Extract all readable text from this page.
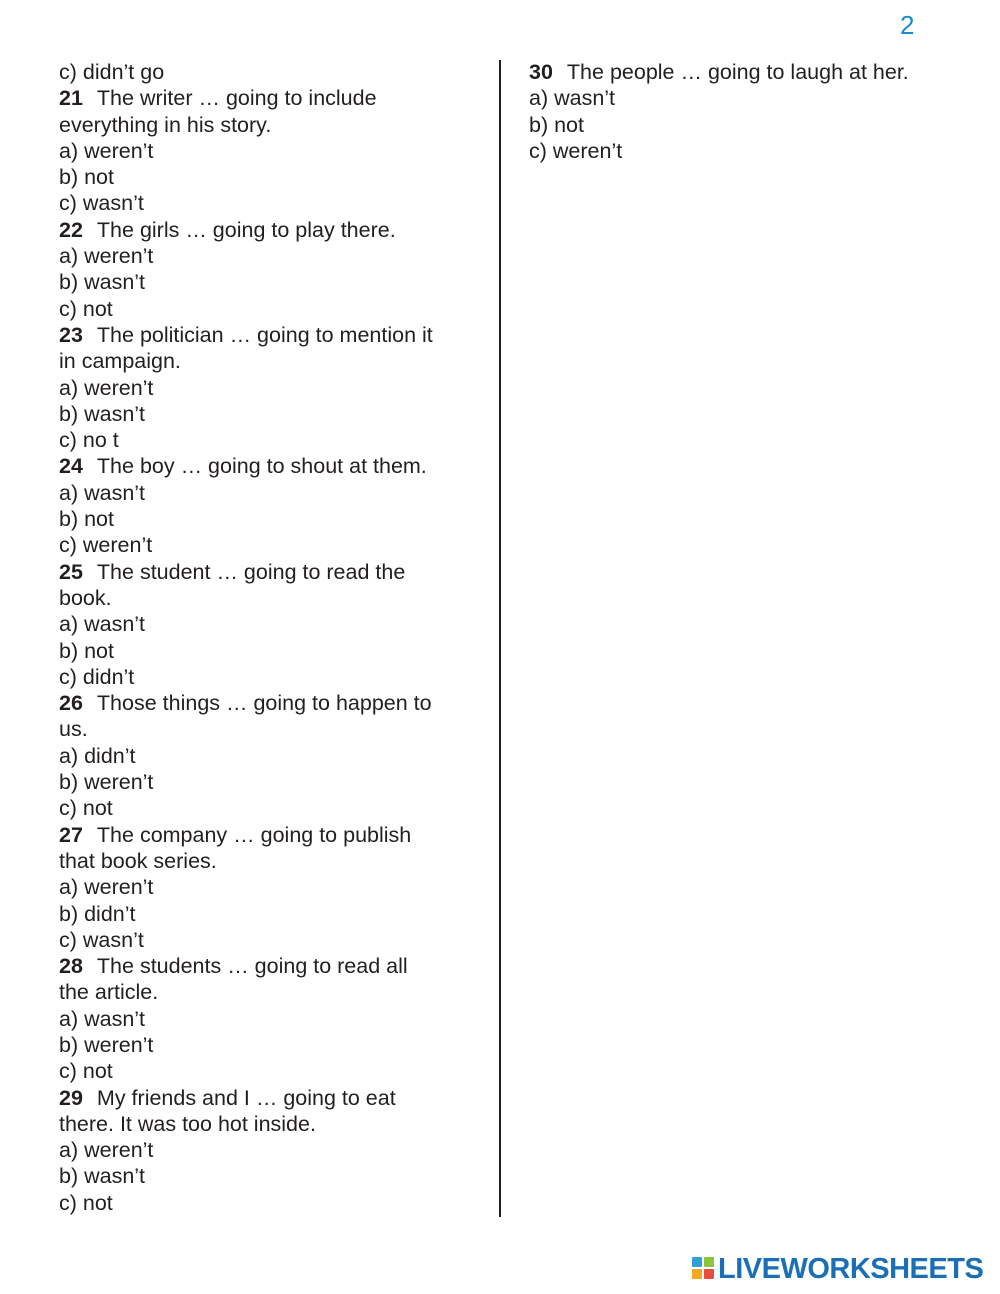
2
c) didn’t go
21 The writer … going to include
everything in his story.
a) weren’t
b) not
c) wasn’t
22 The girls … going to play there.
a) weren’t
b) wasn’t
c) not
23 The politician … going to mention it
in campaign.
a) weren’t
b) wasn’t
c) no t
24 The boy … going to shout at them.
a) wasn’t
b) not
c) weren’t
25 The student … going to read the
book.
a) wasn’t
b) not
c) didn’t
26 Those things … going to happen to
us.
a) didn’t
b) weren’t
c) not
27 The company … going to publish
that book series.
a) weren’t
b) didn’t
c) wasn’t
28 The students … going to read all
the article.
a) wasn’t
b) weren’t
c) not
29 My friends and I … going to eat
there. It was too hot inside.
a) weren’t
b) wasn’t
c) not
30 The people … going to laugh at her.
a) wasn’t
b) not
c) weren’t
LIVEWORKSHEETS
